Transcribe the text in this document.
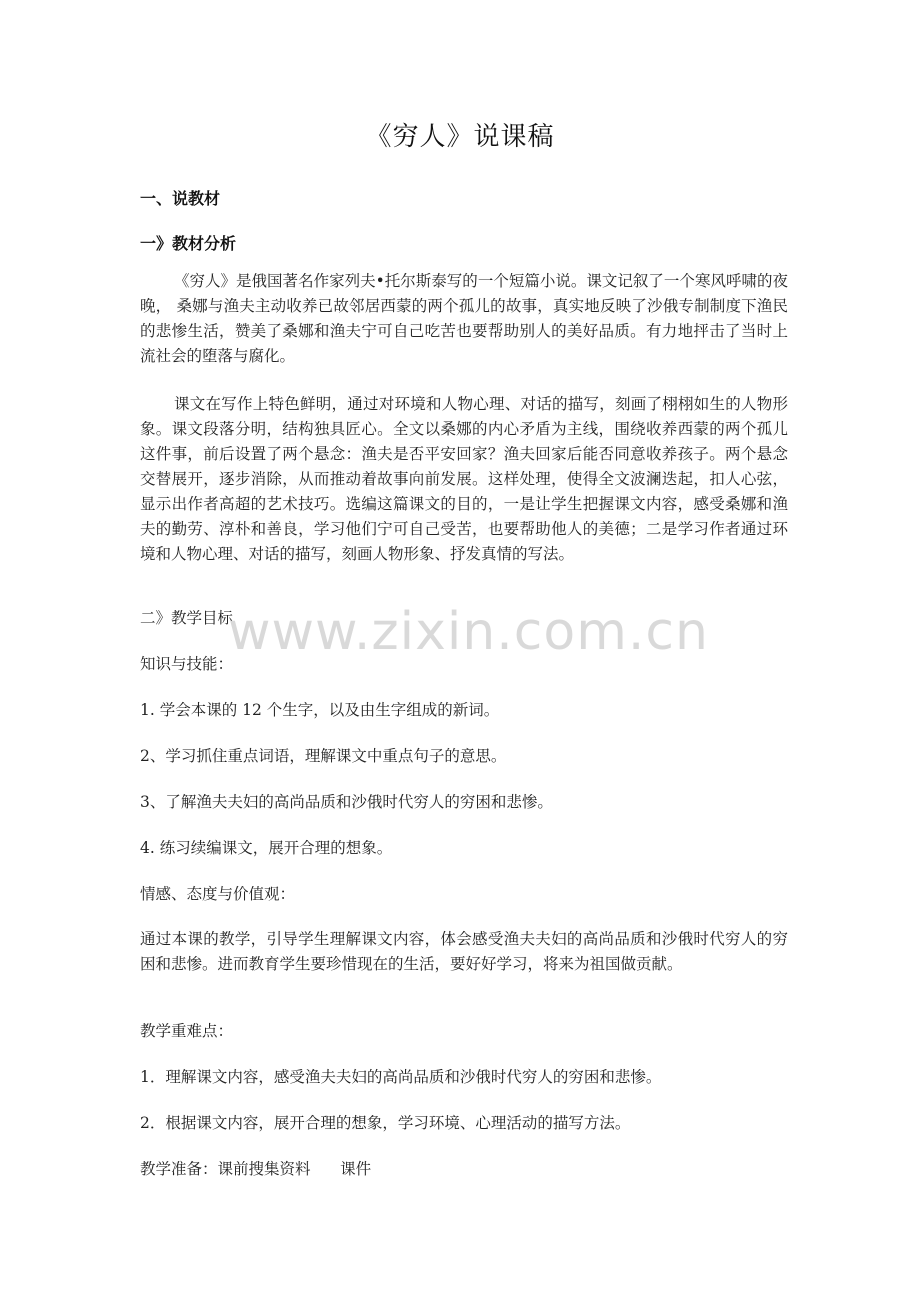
《穷人》说课稿
一、说教材
一》教材分析
《穷人》是俄国著名作家列夫•托尔斯泰写的一个短篇小说。课文记叙了一个寒风呼啸的夜晚， 桑娜与渔夫主动收养已故邻居西蒙的两个孤儿的故事，真实地反映了沙俄专制制度下渔民的悲惨生活，赞美了桑娜和渔夫宁可自己吃苦也要帮助别人的美好品质。有力地抨击了当时上流社会的堕落与腐化。
课文在写作上特色鲜明，通过对环境和人物心理、对话的描写，刻画了栩栩如生的人物形象。课文段落分明，结构独具匠心。全文以桑娜的内心矛盾为主线，围绕收养西蒙的两个孤儿这件事，前后设置了两个悬念：渔夫是否平安回家？渔夫回家后能否同意收养孩子。两个悬念交替展开，逐步消除，从而推动着故事向前发展。这样处理，使得全文波澜迭起，扣人心弦，显示出作者高超的艺术技巧。选编这篇课文的目的，一是让学生把握课文内容，感受桑娜和渔夫的勤劳、淳朴和善良，学习他们宁可自己受苦，也要帮助他人的美德；二是学习作者通过环境和人物心理、对话的描写，刻画人物形象、抒发真情的写法。
二》教学目标
知识与技能：
1. 学会本课的 12 个生字，以及由生字组成的新词。
2、学习抓住重点词语，理解课文中重点句子的意思。
3、了解渔夫夫妇的高尚品质和沙俄时代穷人的穷困和悲惨。
4. 练习续编课文，展开合理的想象。
情感、态度与价值观：
通过本课的教学，引导学生理解课文内容，体会感受渔夫夫妇的高尚品质和沙俄时代穷人的穷困和悲惨。进而教育学生要珍惜现在的生活，要好好学习，将来为祖国做贡献。
教学重难点：
1．理解课文内容，感受渔夫夫妇的高尚品质和沙俄时代穷人的穷困和悲惨。
2．根据课文内容，展开合理的想象，学习环境、心理活动的描写方法。
教学准备：课前搜集资料      课件
www.zixin.com.cn
